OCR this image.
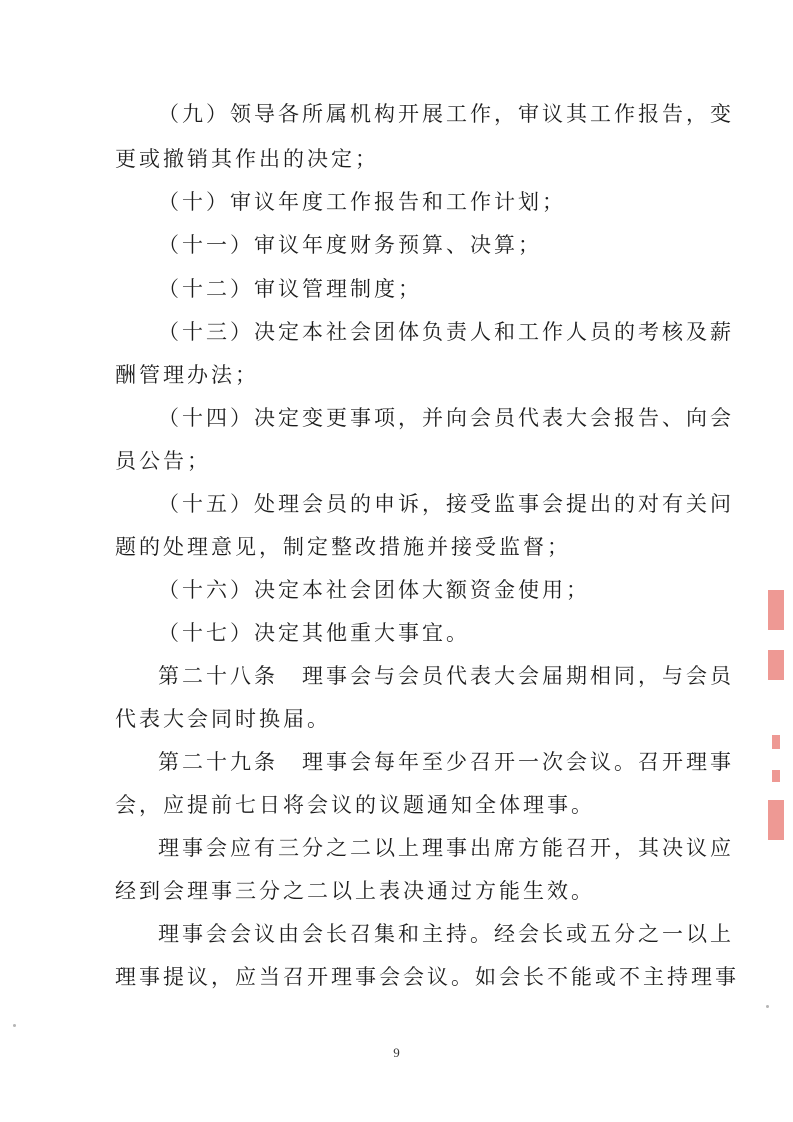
（九）领导各所属机构开展工作，审议其工作报告，变
更或撤销其作出的决定；
（十）审议年度工作报告和工作计划；
（十一）审议年度财务预算、决算；
（十二）审议管理制度；
（十三）决定本社会团体负责人和工作人员的考核及薪
酬管理办法；
（十四）决定变更事项，并向会员代表大会报告、向会
员公告；
（十五）处理会员的申诉，接受监事会提出的对有关问
题的处理意见，制定整改措施并接受监督；
（十六）决定本社会团体大额资金使用；
（十七）决定其他重大事宜。
第二十八条　理事会与会员代表大会届期相同，与会员
代表大会同时换届。
第二十九条　理事会每年至少召开一次会议。召开理事
会，应提前七日将会议的议题通知全体理事。
理事会应有三分之二以上理事出席方能召开，其决议应
经到会理事三分之二以上表决通过方能生效。
理事会会议由会长召集和主持。经会长或五分之一以上
理事提议，应当召开理事会会议。如会长不能或不主持理事
9
